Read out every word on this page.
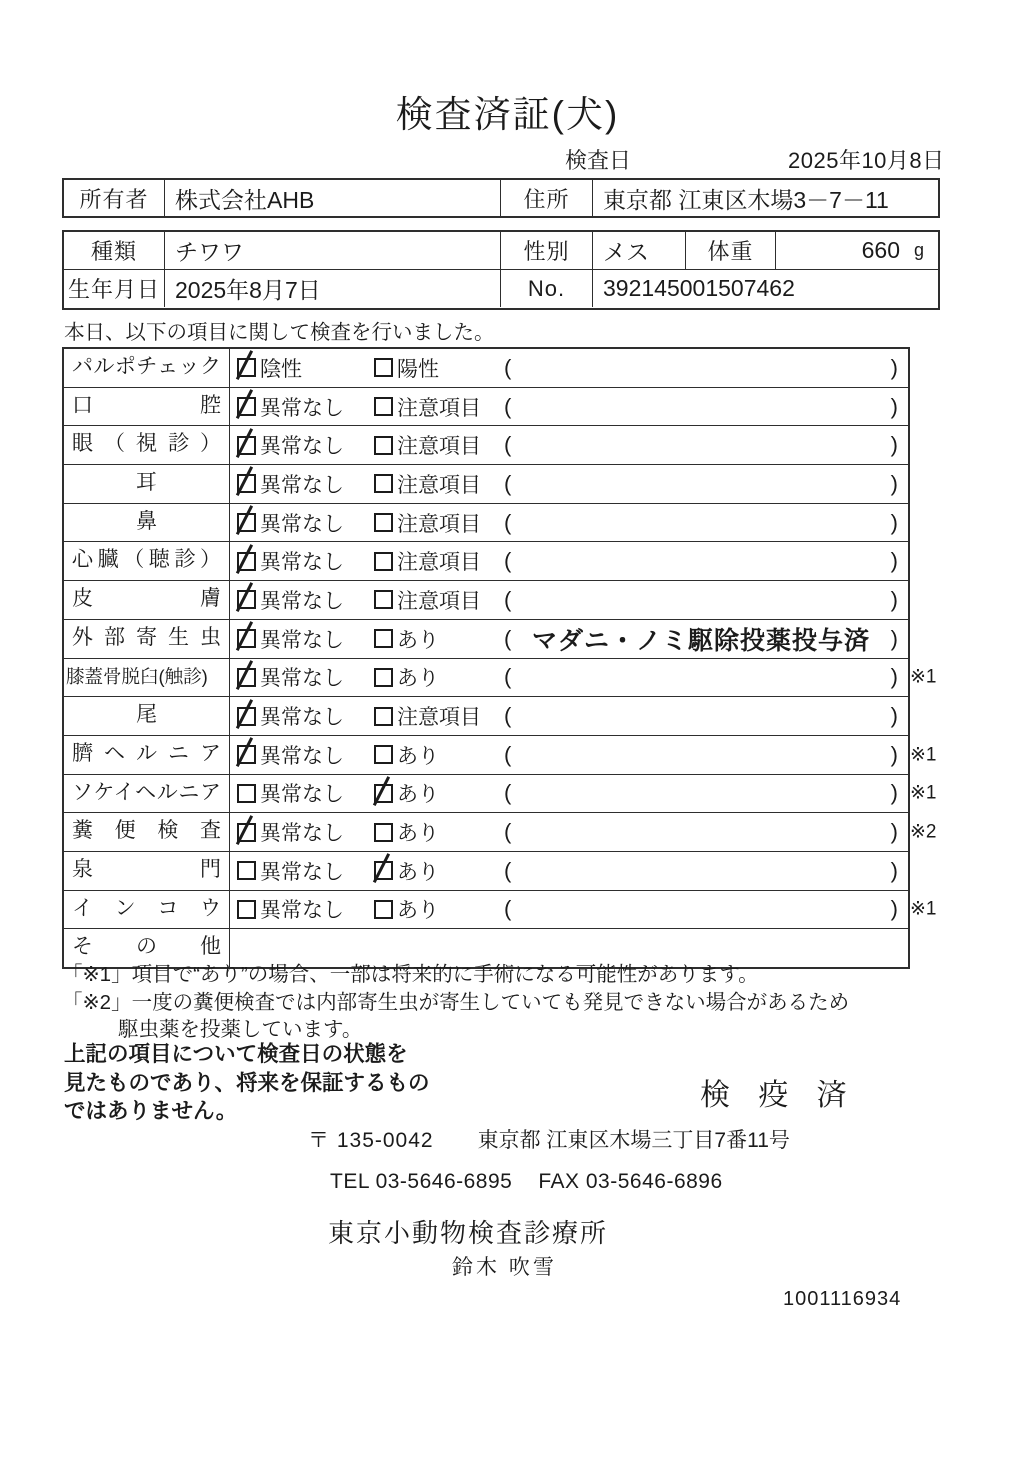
検査済証(犬)
検査日	2025年10月8日
所有者	株式会社AHB	住所	東京都 江東区木場3－7－11
種類	チワワ	性別	メス	体重	660 g
生年月日 2025年8月7日	No.	392145001507462
本日、以下の項目に関して検査を行いました。
パルポチェック	陰性	陽性	(	)
口腔	異常なし	注意項目 (	)
眼（視診）	異常なし	注意項目 (	)
耳	異常なし	注意項目 (	)
鼻	異常なし	注意項目 (	)
心臓（聴診）	異常なし	注意項目 (	)
皮膚	異常なし	注意項目 (	)
外部寄生虫	異常なし	あり	( マダニ・ノミ駆除投薬投与済 )
膝蓋骨脱臼(触診)	異常なし	あり	(	) ※1
尾	異常なし	注意項目 (	)
臍ヘルニア	異常なし	あり	(	) ※1
ソケイヘルニア	異常なし	あり	(	) ※1
糞便検査	異常なし	あり	(	) ※2
泉門	異常なし	あり	(	)
インコウ	異常なし	あり	(	) ※1
その他
「※1」項目で“あり”の場合、一部は将来的に手術になる可能性があります。
「※2」一度の糞便検査では内部寄生虫が寄生していても発見できない場合があるため
駆虫薬を投薬しています。
上記の項目について検査日の状態を
見たものであり、将来を保証するもの
ではありません。	検 疫 済
〒 135-0042 東京都 江東区木場三丁目7番11号
TEL 03-5646-6895 FAX 03-5646-6896
東京小動物検査診療所
鈴木 吹雪
1001116934
